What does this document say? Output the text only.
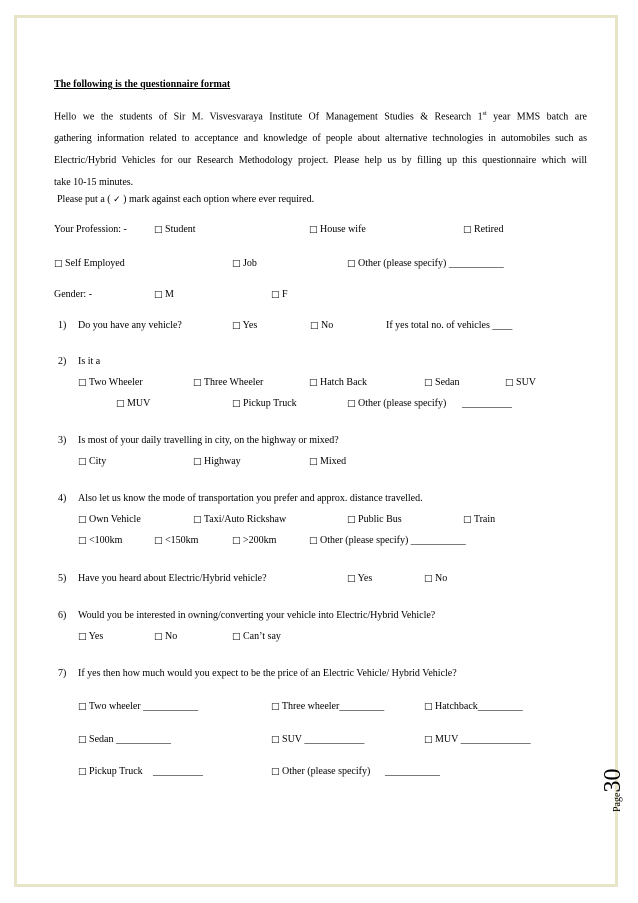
The following is the questionnaire format
Hello we the students of Sir M. Visvesvaraya Institute Of Management Studies & Research 1st year MMS batch are
gathering information related to acceptance and knowledge of people about alternative technologies in automobiles such as
Electric/Hybrid Vehicles for our Research Methodology project. Please help us by filling up this questionnaire which will
take 10-15 minutes.
Please put a ( ✓ ) mark against each option where ever required.
Your Profession: -	□ Student	□ House wife	□ Retired
□ Self Employed	□ Job	□ Other (please specify) ___________
Gender: -	□ M	□ F
1) Do you have any vehicle?	□ Yes	□ No	If yes total no. of vehicles ____
2) Is it a
□ Two Wheeler	□ Three Wheeler	□ Hatch Back	□ Sedan	□ SUV
□ MUV	□ Pickup Truck	□ Other (please specify) __________
3) Is most of your daily travelling in city, on the highway or mixed?
□ City	□ Highway	□ Mixed
4) Also let us know the mode of transportation you prefer and approx. distance travelled.
□ Own Vehicle	□ Taxi/Auto Rickshaw	□ Public Bus	□ Train
□ <100km	□ <150km	□ >200km	□ Other (please specify) ___________
5) Have you heard about Electric/Hybrid vehicle?	□ Yes	□ No
6) Would you be interested in owning/converting your vehicle into Electric/Hybrid Vehicle?
□ Yes	□ No	□ Can’t say
7) If yes then how much would you expect to be the price of an Electric Vehicle/ Hybrid Vehicle?
□ Two wheeler ___________	□ Three wheeler_________	□ Hatchback_________
□ Sedan ___________	□ SUV ____________	□ MUV ______________
□ Pickup Truck __________	□ Other (please specify) ___________
Page30
